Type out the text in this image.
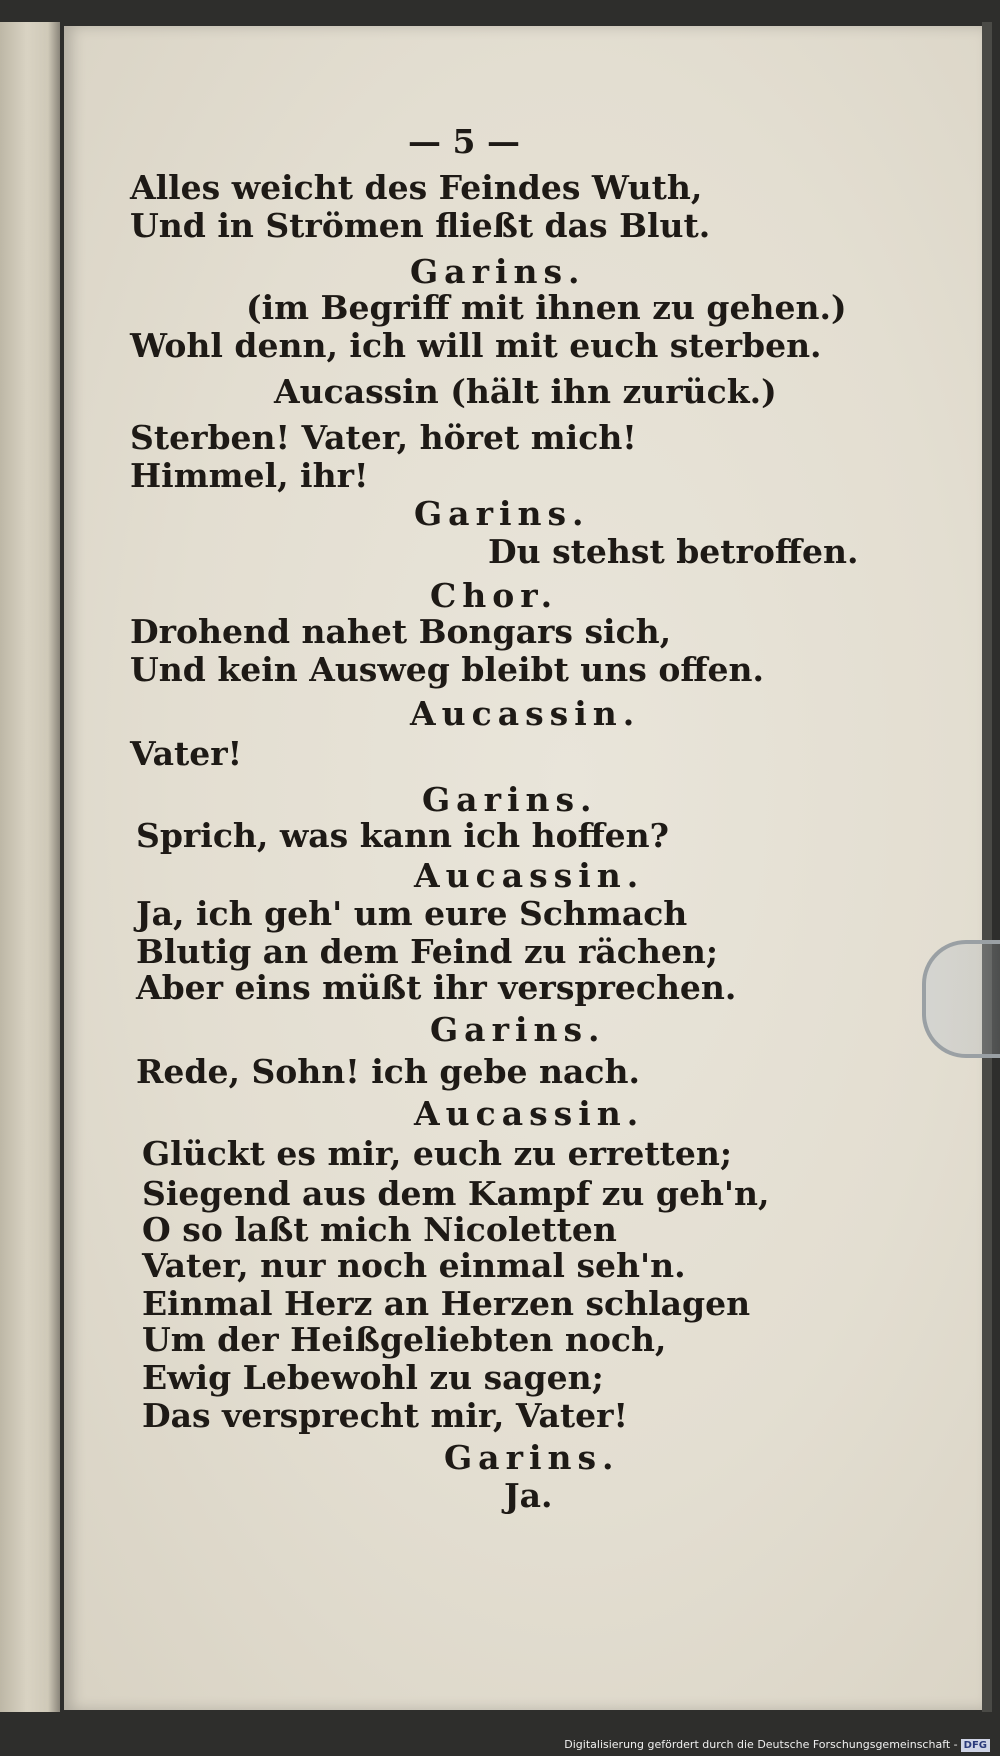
— 5 —
Alles weicht des Feindes Wuth,
Und in Strömen fließt das Blut.
Garins.
(im Begriff mit ihnen zu gehen.)
Wohl denn, ich will mit euch sterben.
Aucassin (hält ihn zurück.)
Sterben! Vater, höret mich!
Himmel, ihr!
Garins.
Du stehst betroffen.
Chor.
Drohend nahet Bongars sich,
Und kein Ausweg bleibt uns offen.
Aucassin.
Vater!
Garins.
Sprich, was kann ich hoffen?
Aucassin.
Ja, ich geh' um eure Schmach
Blutig an dem Feind zu rächen;
Aber eins müßt ihr versprechen.
Garins.
Rede, Sohn! ich gebe nach.
Aucassin.
Glückt es mir, euch zu erretten;
Siegend aus dem Kampf zu geh'n,
O so laßt mich Nicoletten
Vater, nur noch einmal seh'n.
Einmal Herz an Herzen schlagen
Um der Heißgeliebten noch,
Ewig Lebewohl zu sagen;
Das versprecht mir, Vater!
Garins.
Ja.
Digitalisierung gefördert durch die Deutsche Forschungsgemeinschaft - DFG
